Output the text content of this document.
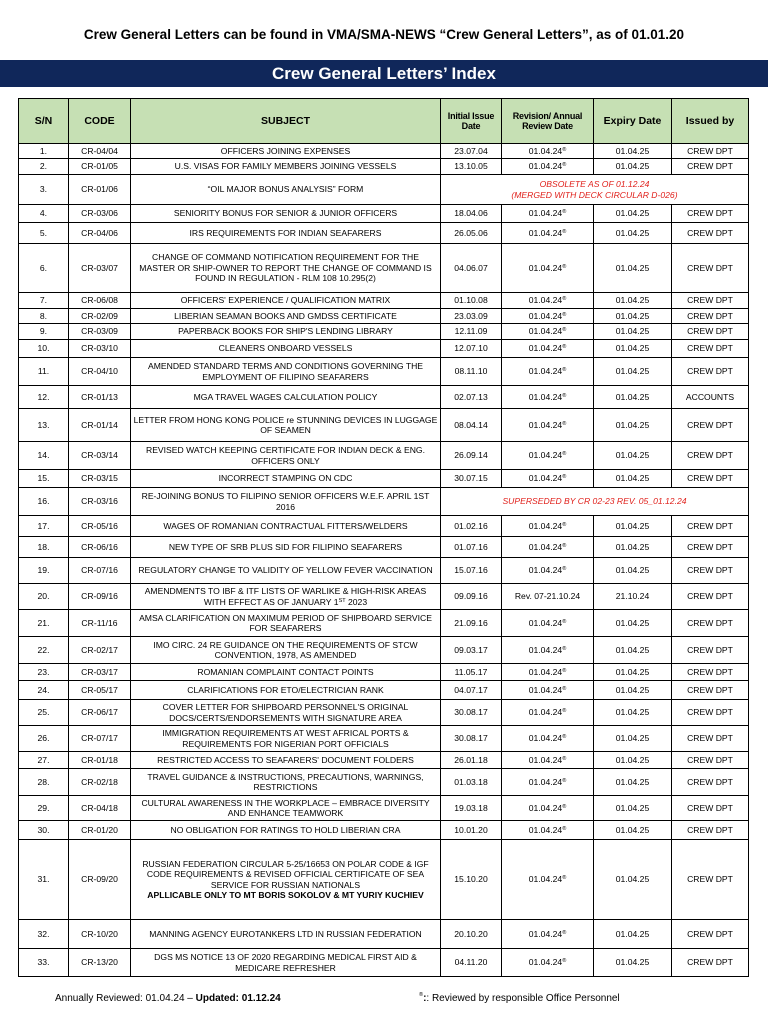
Crew General Letters can be found in VMA/SMA-NEWS “Crew General Letters”, as of 01.01.20
Crew General Letters’ Index
S/N	CODE	SUBJECT	Initial Issue Date	Revision/ Annual Review Date	Expiry Date	Issued by
1.	CR-04/04	OFFICERS JOINING EXPENSES	23.07.04	01.04.24®	01.04.25	CREW DPT
2.	CR-01/05	U.S. VISAS FOR FAMILY MEMBERS JOINING VESSELS	13.10.05	01.04.24®	01.04.25	CREW DPT
3.	CR-01/06	“OIL MAJOR BONUS ANALYSIS” FORM	OBSOLETE AS OF 01.12.24
(MERGED WITH DECK CIRCULAR D-026)			

4.	CR-03/06	SENIORITY BONUS FOR SENIOR & JUNIOR OFFICERS	18.04.06	01.04.24®	01.04.25	CREW DPT
5.	CR-04/06	IRS REQUIREMENTS FOR INDIAN SEAFARERS	26.05.06	01.04.24®	01.04.25	CREW DPT
6.	CR-03/07	CHANGE OF COMMAND NOTIFICATION REQUIREMENT FOR THE MASTER OR SHIP-OWNER TO REPORT THE CHANGE OF COMMAND IS FOUND IN REGULATION - RLM 108 10.295(2)	04.06.07	01.04.24®	01.04.25	CREW DPT
7.	CR-06/08	OFFICERS' EXPERIENCE / QUALIFICATION MATRIX	01.10.08	01.04.24®	01.04.25	CREW DPT
8.	CR-02/09	LIBERIAN SEAMAN BOOKS AND GMDSS CERTIFICATE	23.03.09	01.04.24®	01.04.25	CREW DPT
9.	CR-03/09	PAPERBACK BOOKS FOR SHIP'S LENDING LIBRARY	12.11.09	01.04.24®	01.04.25	CREW DPT
10.	CR-03/10	CLEANERS ONBOARD VESSELS	12.07.10	01.04.24®	01.04.25	CREW DPT
11.	CR-04/10	AMENDED STANDARD TERMS AND CONDITIONS GOVERNING THE EMPLOYMENT OF FILIPINO SEAFARERS	08.11.10	01.04.24®	01.04.25	CREW DPT
12.	CR-01/13	MGA TRAVEL WAGES CALCULATION POLICY	02.07.13	01.04.24®	01.04.25	ACCOUNTS
13.	CR-01/14	LETTER FROM HONG KONG POLICE re STUNNING DEVICES IN LUGGAGE OF SEAMEN	08.04.14	01.04.24®	01.04.25	CREW DPT
14.	CR-03/14	REVISED WATCH KEEPING CERTIFICATE FOR INDIAN DECK & ENG. OFFICERS ONLY	26.09.14	01.04.24®	01.04.25	CREW DPT
15.	CR-03/15	INCORRECT STAMPING ON CDC	30.07.15	01.04.24®	01.04.25	CREW DPT
16.	CR-03/16	RE-JOINING BONUS TO FILIPINO SENIOR OFFICERS W.E.F. APRIL 1ST 2016	SUPERSEDED BY CR 02-23 REV. 05_01.12.24			

17.	CR-05/16	WAGES OF ROMANIAN CONTRACTUAL FITTERS/WELDERS	01.02.16	01.04.24®	01.04.25	CREW DPT
18.	CR-06/16	NEW TYPE OF SRB PLUS SID FOR FILIPINO SEAFARERS	01.07.16	01.04.24®	01.04.25	CREW DPT
19.	CR-07/16	REGULATORY CHANGE TO VALIDITY OF YELLOW FEVER VACCINATION	15.07.16	01.04.24®	01.04.25	CREW DPT
20.	CR-09/16	AMENDMENTS TO IBF & ITF LISTS OF WARLIKE & HIGH-RISK AREAS WITH EFFECT AS OF JANUARY 1ST 2023	09.09.16	Rev. 07-21.10.24	21.10.24	CREW DPT
21.	CR-11/16	AMSA CLARIFICATION ON MAXIMUM PERIOD OF SHIPBOARD SERVICE FOR SEAFARERS	21.09.16	01.04.24®	01.04.25	CREW DPT
22.	CR-02/17	IMO CIRC. 24 RE GUIDANCE ON THE REQUIREMENTS OF STCW CONVENTION, 1978, AS AMENDED	09.03.17	01.04.24®	01.04.25	CREW DPT
23.	CR-03/17	ROMANIAN COMPLAINT CONTACT POINTS	11.05.17	01.04.24®	01.04.25	CREW DPT
24.	CR-05/17	CLARIFICATIONS FOR ETO/ELECTRICIAN RANK	04.07.17	01.04.24®	01.04.25	CREW DPT
25.	CR-06/17	COVER LETTER FOR SHIPBOARD PERSONNEL'S ORIGINAL DOCS/CERTS/ENDORSEMENTS WITH SIGNATURE AREA	30.08.17	01.04.24®	01.04.25	CREW DPT
26.	CR-07/17	IMMIGRATION REQUIREMENTS AT WEST AFRICAL PORTS & REQUIREMENTS FOR NIGERIAN PORT OFFICIALS	30.08.17	01.04.24®	01.04.25	CREW DPT
27.	CR-01/18	RESTRICTED ACCESS TO SEAFARERS' DOCUMENT FOLDERS	26.01.18	01.04.24®	01.04.25	CREW DPT
28.	CR-02/18	TRAVEL GUIDANCE & INSTRUCTIONS, PRECAUTIONS, WARNINGS, RESTRICTIONS	01.03.18	01.04.24®	01.04.25	CREW DPT
29.	CR-04/18	CULTURAL AWARENESS IN THE WORKPLACE – EMBRACE DIVERSITY AND ENHANCE TEAMWORK	19.03.18	01.04.24®	01.04.25	CREW DPT
30.	CR-01/20	NO OBLIGATION FOR RATINGS TO HOLD LIBERIAN CRA	10.01.20	01.04.24®	01.04.25	CREW DPT
31.	CR-09/20	RUSSIAN FEDERATION CIRCULAR 5-25/16653 ON POLAR CODE & IGF CODE REQUIREMENTS & REVISED OFFICIAL CERTIFICATE OF SEA SERVICE FOR RUSSIAN NATIONALS
APLLICABLE ONLY TO MT BORIS SOKOLOV & MT YURIY KUCHIEV	15.10.20	01.04.24®	01.04.25	CREW DPT
32.	CR-10/20	MANNING AGENCY EUROTANKERS LTD IN RUSSIAN FEDERATION	20.10.20	01.04.24®	01.04.25	CREW DPT
33.	CR-13/20	DGS MS NOTICE 13 OF 2020 REGARDING MEDICAL FIRST AID & MEDICARE REFRESHER	04.11.20	01.04.24®	01.04.25	CREW DPT
Annually Reviewed: 01.04.24 – Updated: 01.12.24	®:: Reviewed by responsible Office Personnel
